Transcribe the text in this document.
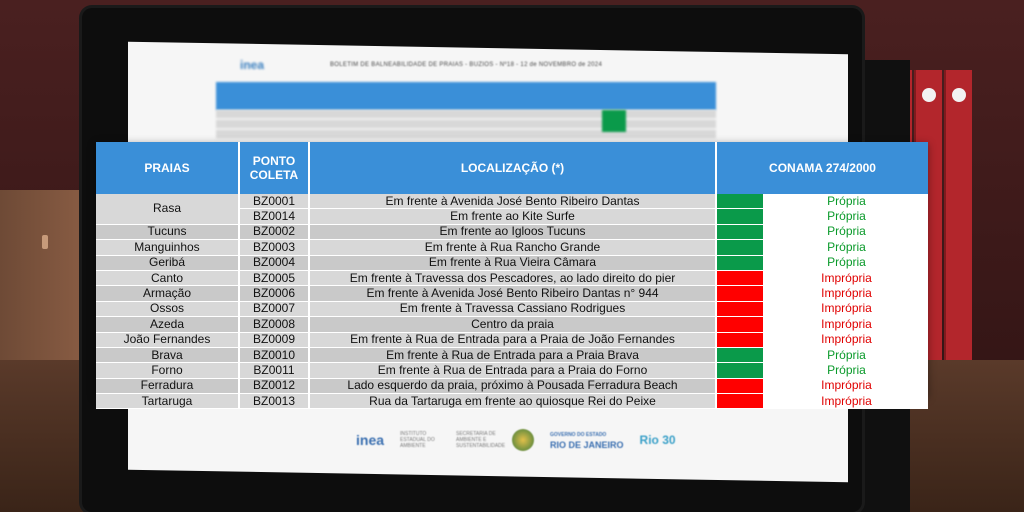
inea	BOLETIM DE BALNEABILIDADE DE PRAIAS - BÚZIOS - Nº18 - 12 de NOVEMBRO de 2024
PRAIAS	PONTO COLETA	LOCALIZAÇÃO (*)	CONAMA 274/2000	
Rasa	BZ0001	Em frente à Avenida José Bento Ribeiro Dantas		Própria
	BZ0014	Em frente ao Kite Surfe		Própria
Tucuns	BZ0002	Em frente ao Igloos Tucuns		Própria
Manguinhos	BZ0003	Em frente à Rua Rancho Grande		Própria
Geribá	BZ0004	Em frente à Rua Vieira Câmara		Própria
Canto	BZ0005	Em frente à Travessa dos Pescadores, ao lado direito do pier		Imprópria
Armação	BZ0006	Em frente à Avenida José Bento Ribeiro Dantas n° 944		Imprópria
Ossos	BZ0007	Em frente à Travessa Cassiano Rodrigues		Imprópria
Azeda	BZ0008	Centro da praia		Imprópria
João Fernandes	BZ0009	Em frente à Rua de Entrada para a Praia de João Fernandes		Imprópria
Brava	BZ0010	Em frente à Rua de Entrada para a Praia Brava		Própria
Forno	BZ0011	Em frente à Rua de Entrada para a Praia do Forno		Própria
Ferradura	BZ0012	Lado esquerdo da praia, próximo à Pousada Ferradura Beach		Imprópria
Tartaruga	BZ0013	Rua da Tartaruga em frente ao quiosque Rei do Peixe		Imprópria
inea	INSTITUTO ESTADUAL DO AMBIENTE
SECRETARIA DE AMBIENTE E SUSTENTABILIDADE
GOVERNO DO ESTADO
RIO DE JANEIRO Rio 30
